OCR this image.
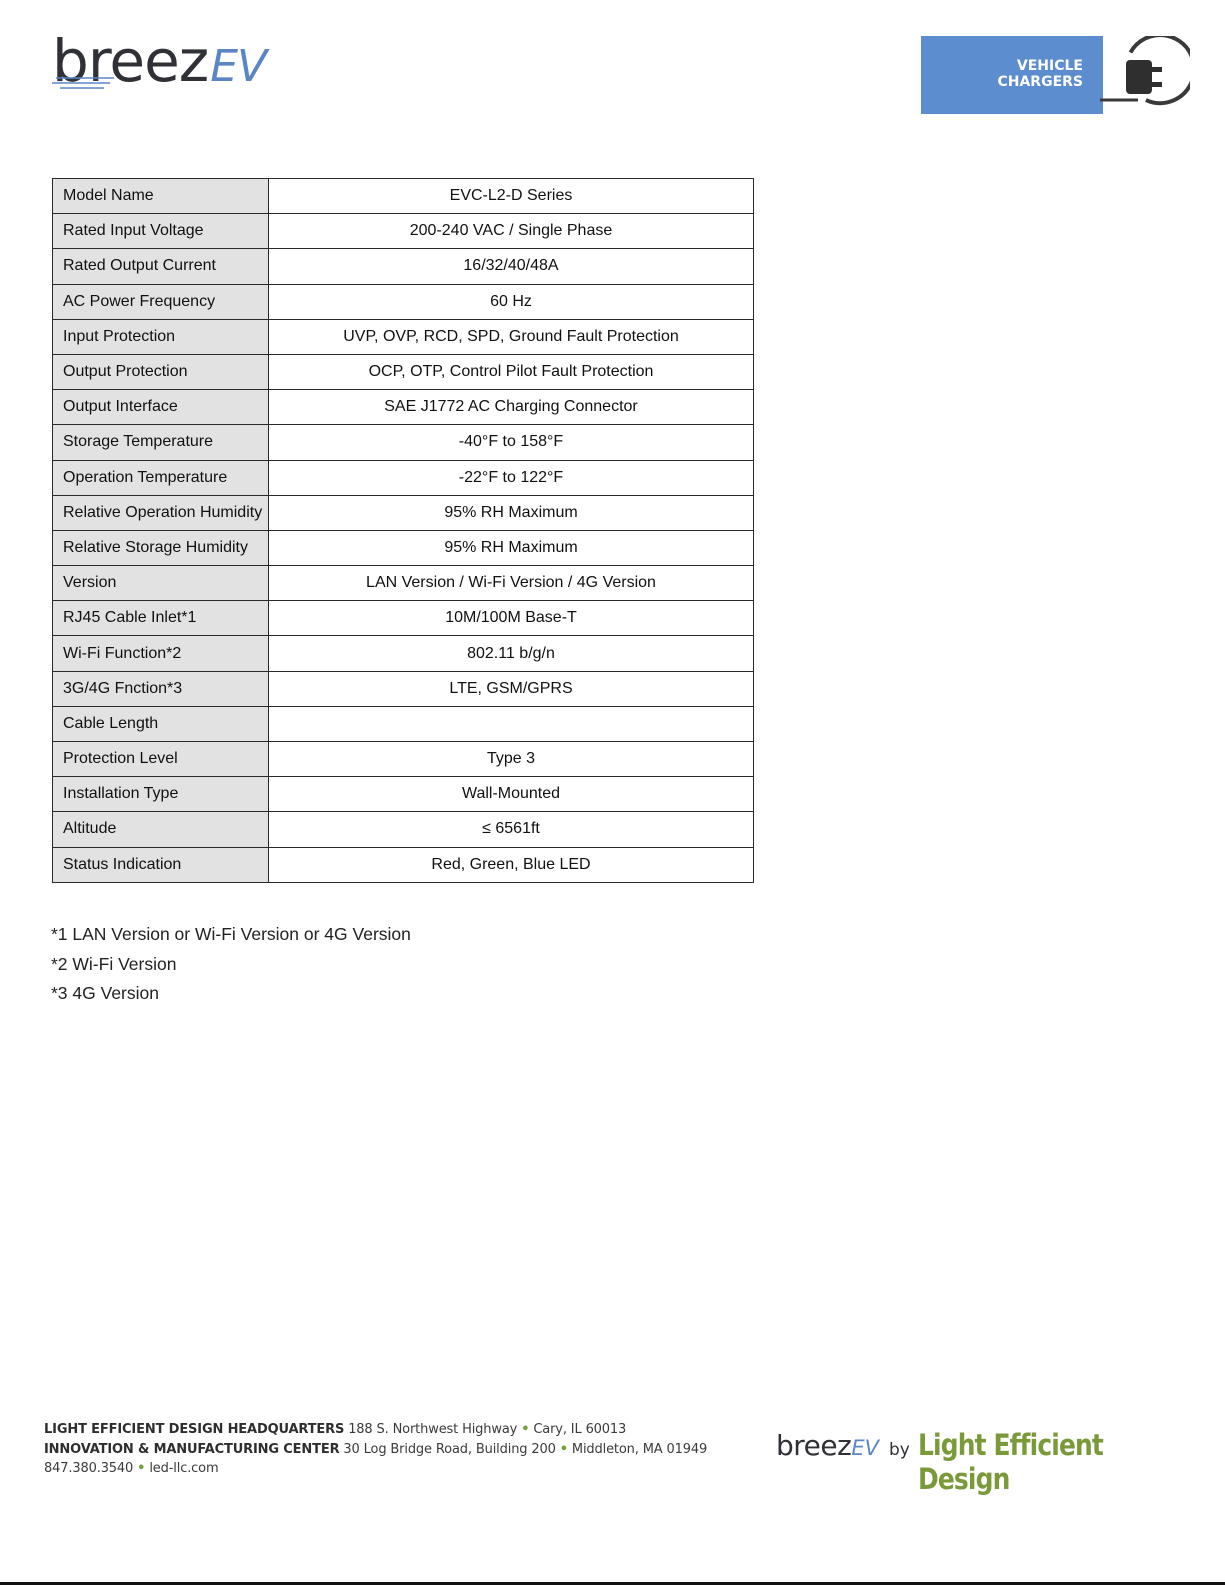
breez EV	VEHICLE
CHARGERS
Model Name	EVC-L2-D Series
Rated Input Voltage	200-240 VAC / Single Phase
Rated Output Current	16/32/40/48A
AC Power Frequency	60 Hz
Input Protection	UVP, OVP, RCD, SPD, Ground Fault Protection
Output Protection	OCP, OTP, Control Pilot Fault Protection
Output Interface	SAE J1772 AC Charging Connector
Storage Temperature	-40°F to 158°F
Operation Temperature	-22°F to 122°F
Relative Operation Humidity	95% RH Maximum
Relative Storage Humidity	95% RH Maximum
Version	LAN Version / Wi-Fi Version / 4G Version
RJ45 Cable Inlet*1	10M/100M Base-T
Wi-Fi Function*2	802.11 b/g/n
3G/4G Fnction*3	LTE, GSM/GPRS
Cable Length	
Protection Level	Type 3
Installation Type	Wall-Mounted
Altitude	≤ 6561ft
Status Indication	Red, Green, Blue LED
*1 LAN Version or Wi-Fi Version or 4G Version
*2 Wi-Fi Version
*3 4G Version
LIGHT EFFICIENT DESIGN HEADQUARTERS 188 S. Northwest Highway • Cary, IL 60013
INNOVATION & MANUFACTURING CENTER 30 Log Bridge Road, Building 200 • Middleton, MA 01949
847.380.3540 • led-llc.com
breez EV by Light Efficient Design
